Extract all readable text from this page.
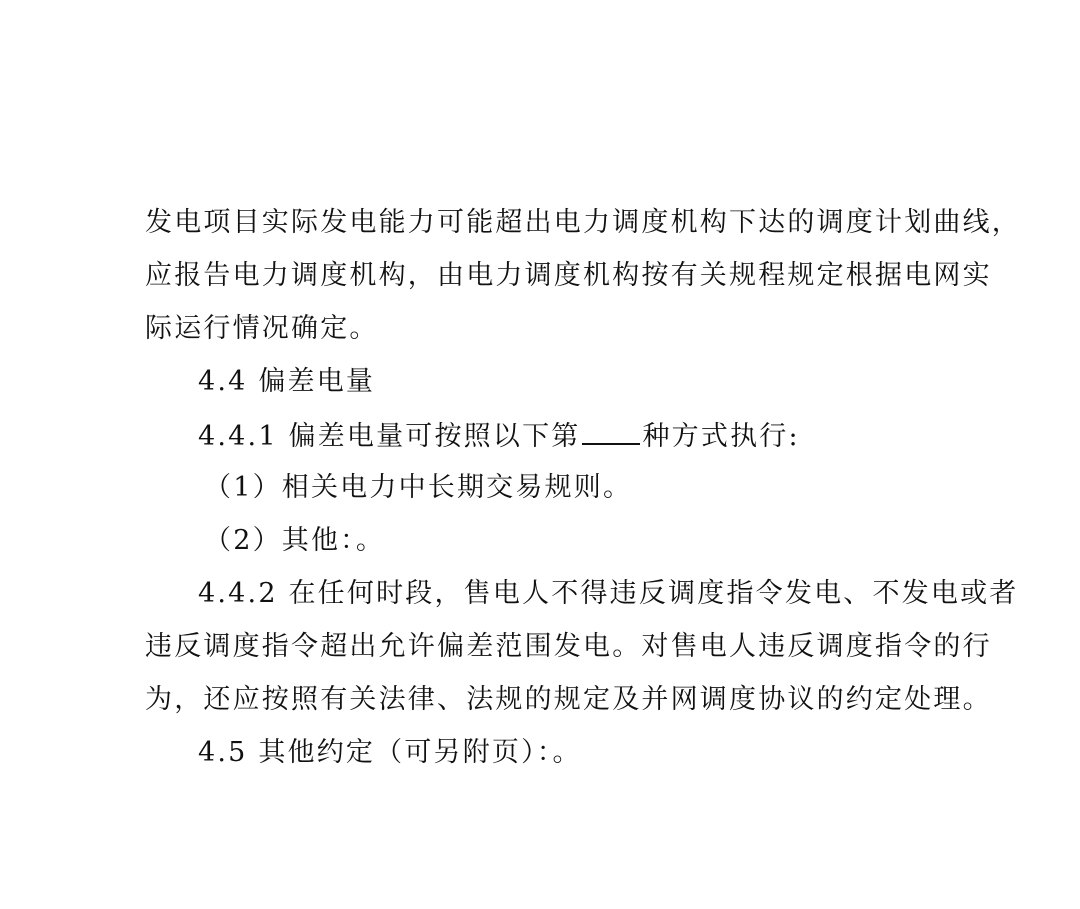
发电项目实际发电能力可能超出电力调度机构下达的调度计划曲线，
应报告电力调度机构，由电力调度机构按有关规程规定根据电网实
际运行情况确定。
4.4 偏差电量
4.4.1 偏差电量可按照以下第 种方式执行:
（1）相关电力中长期交易规则。
（2）其他：。
4.4.2 在任何时段，售电人不得违反调度指令发电、不发电或者
违反调度指令超出允许偏差范围发电。对售电人违反调度指令的行
为，还应按照有关法律、法规的规定及并网调度协议的约定处理。
4.5 其他约定（可另附页）：。
